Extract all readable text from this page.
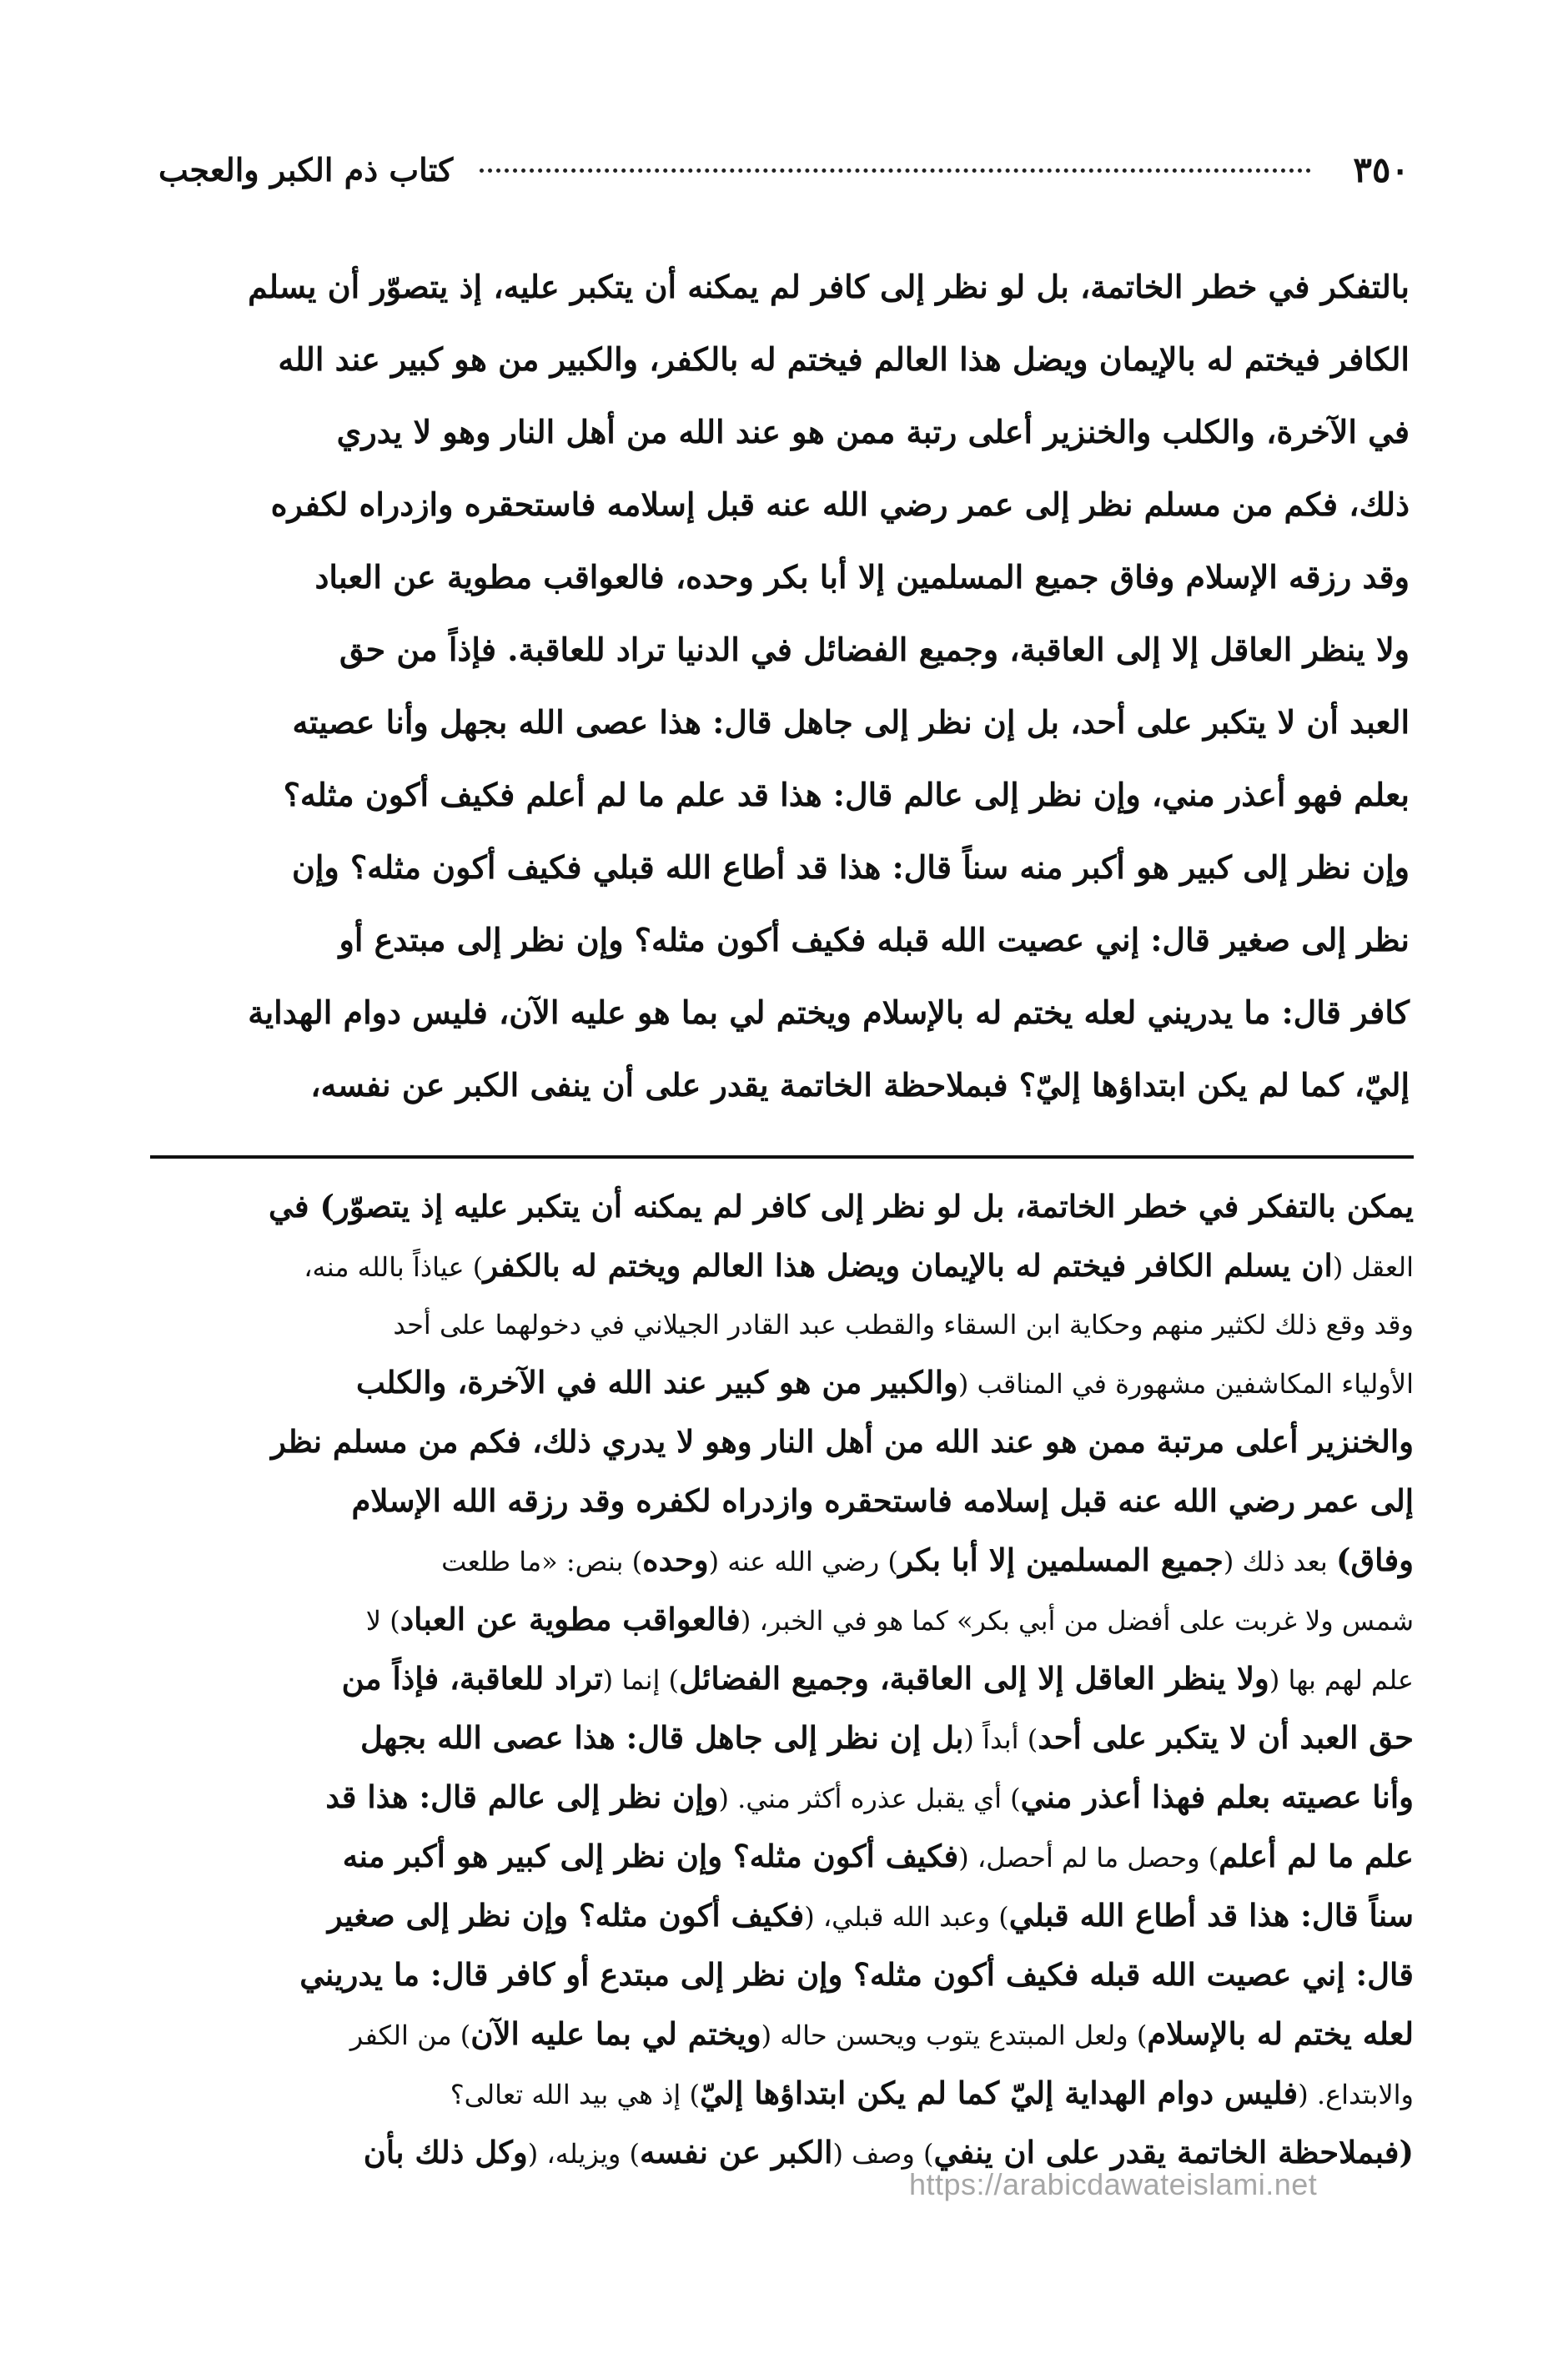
٣٥٠
كتاب ذم الكبر والعجب

بالتفكر في خطر الخاتمة، بل لو نظر إلى كافر لم يمكنه أن يتكبر عليه، إذ يتصوّر أن يسلم

الكافر فيختم له بالإيمان ويضل هذا العالم فيختم له بالكفر، والكبير من هو كبير عند الله

في الآخرة، والكلب والخنزير أعلى رتبة ممن هو عند الله من أهل النار وهو لا يدري

ذلك، فكم من مسلم نظر إلى عمر رضي الله عنه قبل إسلامه فاستحقره وازدراه لكفره

وقد رزقه الإسلام وفاق جميع المسلمين إلا أبا بكر وحده، فالعواقب مطوية عن العباد

ولا ينظر العاقل إلا إلى العاقبة، وجميع الفضائل في الدنيا تراد للعاقبة. فإذاً من حق

العبد أن لا يتكبر على أحد، بل إن نظر إلى جاهل قال: هذا عصى الله بجهل وأنا عصيته

بعلم فهو أعذر مني، وإن نظر إلى عالم قال: هذا قد علم ما لم أعلم فكيف أكون مثله؟

وإن نظر إلى كبير هو أكبر منه سناً قال: هذا قد أطاع الله قبلي فكيف أكون مثله؟ وإن

نظر إلى صغير قال: إني عصيت الله قبله فكيف أكون مثله؟ وإن نظر إلى مبتدع أو

كافر قال: ما يدريني لعله يختم له بالإسلام ويختم لي بما هو عليه الآن، فليس دوام الهداية

إليّ، كما لم يكن ابتداؤها إليّ؟ فبملاحظة الخاتمة يقدر على أن ينفى الكبر عن نفسه،

يمكن بالتفكر في خطر الخاتمة، بل لو نظر إلى كافر لم يمكنه أن يتكبر عليه إذ يتصوّر) في
العقل (ان يسلم الكافر فيختم له بالإيمان ويضل هذا العالم ويختم له بالكفر) عياذاً بالله منه،
وقد وقع ذلك لكثير منهم وحكاية ابن السقاء والقطب عبد القادر الجيلاني في دخولهما على أحد
الأولياء المكاشفين مشهورة في المناقب (والكبير من هو كبير عند الله في الآخرة، والكلب
والخنزير أعلى مرتبة ممن هو عند الله من أهل النار وهو لا يدري ذلك، فكم من مسلم نظر
إلى عمر رضي الله عنه قبل إسلامه فاستحقره وازدراه لكفره وقد رزقه الله الإسلام
وفاق) بعد ذلك (جميع المسلمين إلا أبا بكر) رضي الله عنه (وحده) بنص: «ما طلعت
شمس ولا غربت على أفضل من أبي بكر» كما هو في الخبر، (فالعواقب مطوية عن العباد) لا
علم لهم بها (ولا ينظر العاقل إلا إلى العاقبة، وجميع الفضائل) إنما (تراد للعاقبة، فإذاً من
حق العبد أن لا يتكبر على أحد) أبداً (بل إن نظر إلى جاهل قال: هذا عصى الله بجهل
وأنا عصيته بعلم فهذا أعذر مني) أي يقبل عذره أكثر مني. (وإن نظر إلى عالم قال: هذا قد
علم ما لم أعلم) وحصل ما لم أحصل، (فكيف أكون مثله؟ وإن نظر إلى كبير هو أكبر منه
سناً قال: هذا قد أطاع الله قبلي) وعبد الله قبلي، (فكيف أكون مثله؟ وإن نظر إلى صغير
قال: إني عصيت الله قبله فكيف أكون مثله؟ وإن نظر إلى مبتدع أو كافر قال: ما يدريني
لعله يختم له بالإسلام) ولعل المبتدع يتوب ويحسن حاله (ويختم لي بما عليه الآن) من الكفر
والابتداع. (فليس دوام الهداية إليّ كما لم يكن ابتداؤها إليّ) إذ هي بيد الله تعالى؟
(فبملاحظة الخاتمة يقدر على ان ينفي) وصف (الكبر عن نفسه) ويزيله، (وكل ذلك بأن
https://arabicdawateislami.net
